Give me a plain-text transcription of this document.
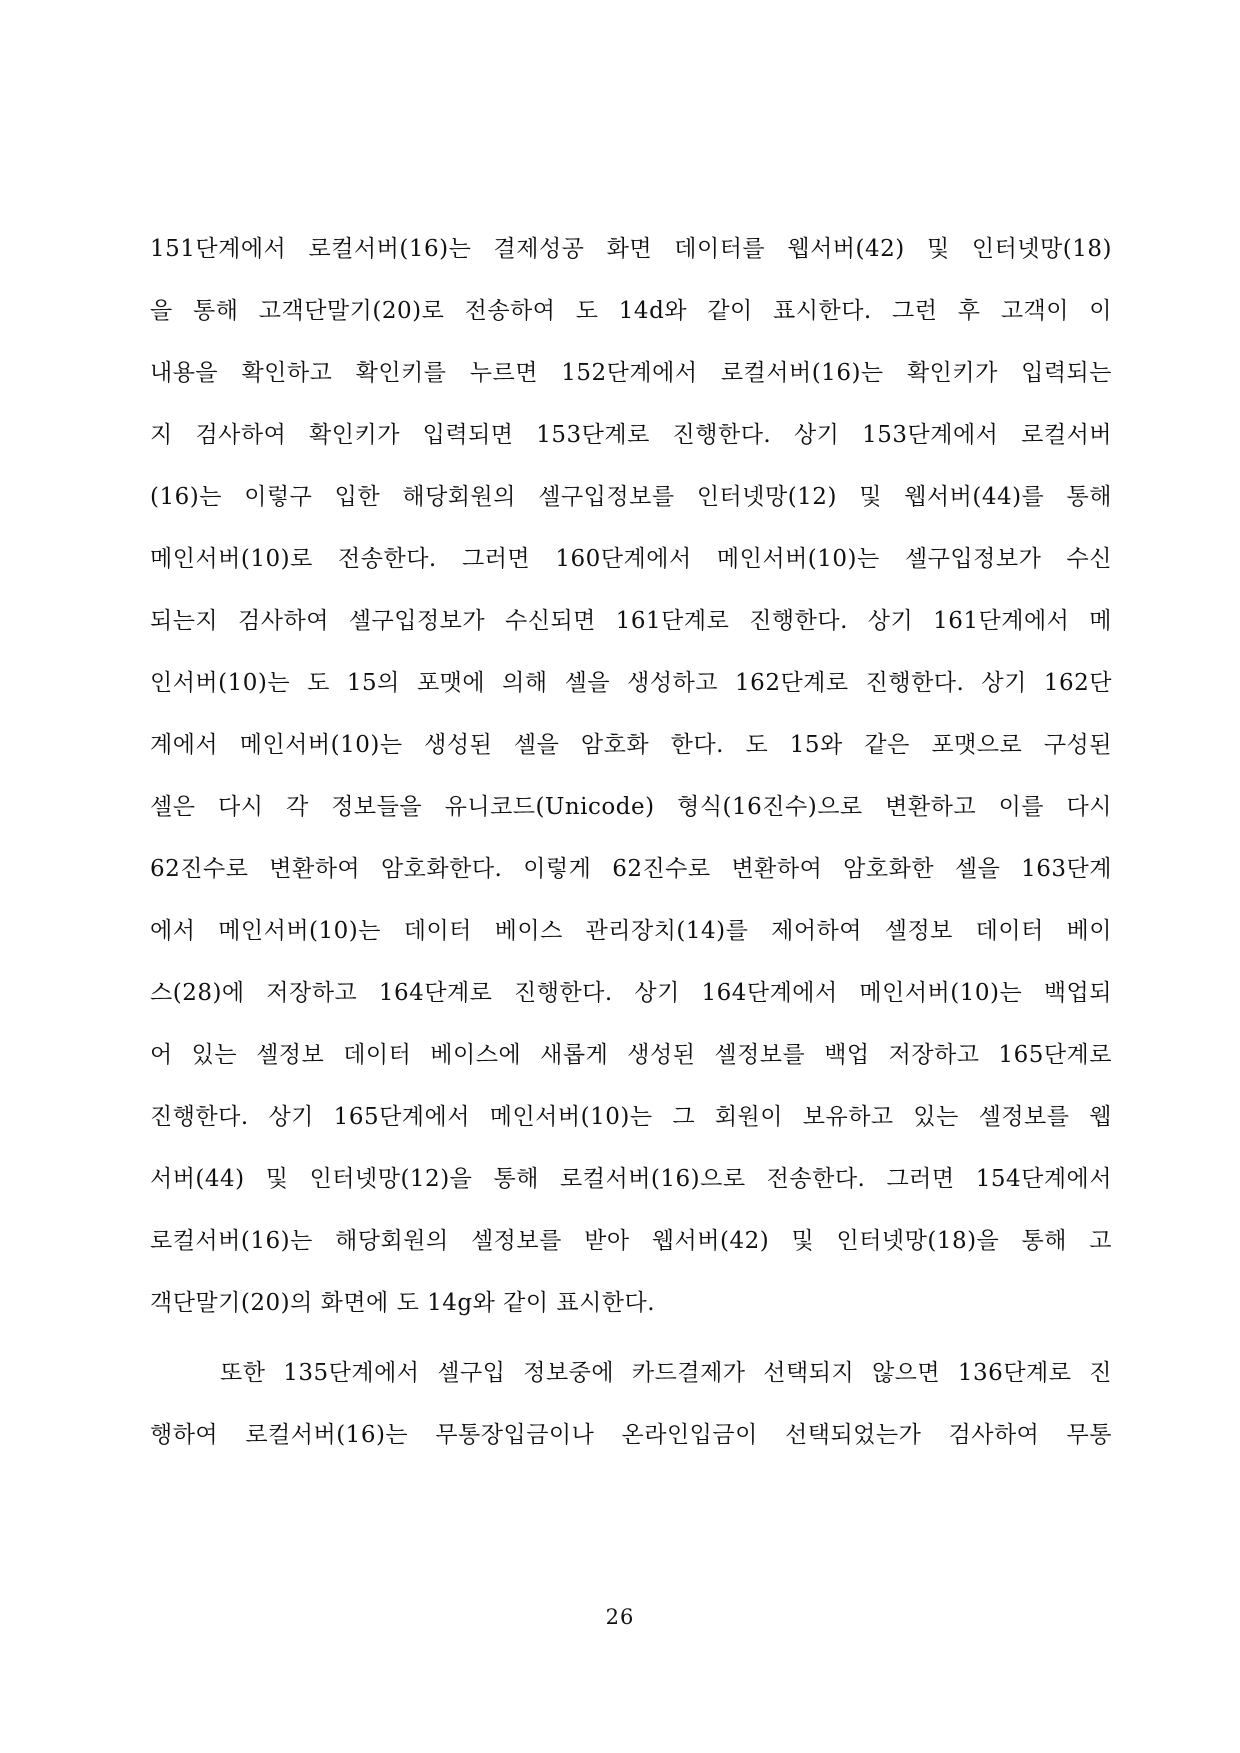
151단계에서 로컬서버(16)는 결제성공 화면 데이터를 웹서버(42) 및 인터넷망(18)
을 통해 고객단말기(20)로 전송하여 도 14d와 같이 표시한다. 그런 후 고객이 이
내용을 확인하고 확인키를 누르면 152단계에서 로컬서버(16)는 확인키가 입력되는
지 검사하여 확인키가 입력되면 153단계로 진행한다. 상기 153단계에서 로컬서버
(16)는 이렇구 입한 해당회원의 셀구입정보를 인터넷망(12) 및 웹서버(44)를 통해
메인서버(10)로 전송한다. 그러면 160단계에서 메인서버(10)는 셀구입정보가 수신
되는지 검사하여 셀구입정보가 수신되면 161단계로 진행한다. 상기 161단계에서 메
인서버(10)는 도 15의 포맷에 의해 셀을 생성하고 162단계로 진행한다. 상기 162단
계에서 메인서버(10)는 생성된 셀을 암호화 한다. 도 15와 같은 포맷으로 구성된
셀은 다시 각 정보들을 유니코드(Unicode) 형식(16진수)으로 변환하고 이를 다시
62진수로 변환하여 암호화한다. 이렇게 62진수로 변환하여 암호화한 셀을 163단계
에서 메인서버(10)는 데이터 베이스 관리장치(14)를 제어하여 셀정보 데이터 베이
스(28)에 저장하고 164단계로 진행한다. 상기 164단계에서 메인서버(10)는 백업되
어 있는 셀정보 데이터 베이스에 새롭게 생성된 셀정보를 백업 저장하고 165단계로
진행한다. 상기 165단계에서 메인서버(10)는 그 회원이 보유하고 있는 셀정보를 웹
서버(44) 및 인터넷망(12)을 통해 로컬서버(16)으로 전송한다. 그러면 154단계에서
로컬서버(16)는 해당회원의 셀정보를 받아 웹서버(42) 및 인터넷망(18)을 통해 고
객단말기(20)의 화면에 도 14g와 같이 표시한다.
또한 135단계에서 셀구입 정보중에 카드결제가 선택되지 않으면 136단계로 진
행하여 로컬서버(16)는 무통장입금이나 온라인입금이 선택되었는가 검사하여 무통
26
